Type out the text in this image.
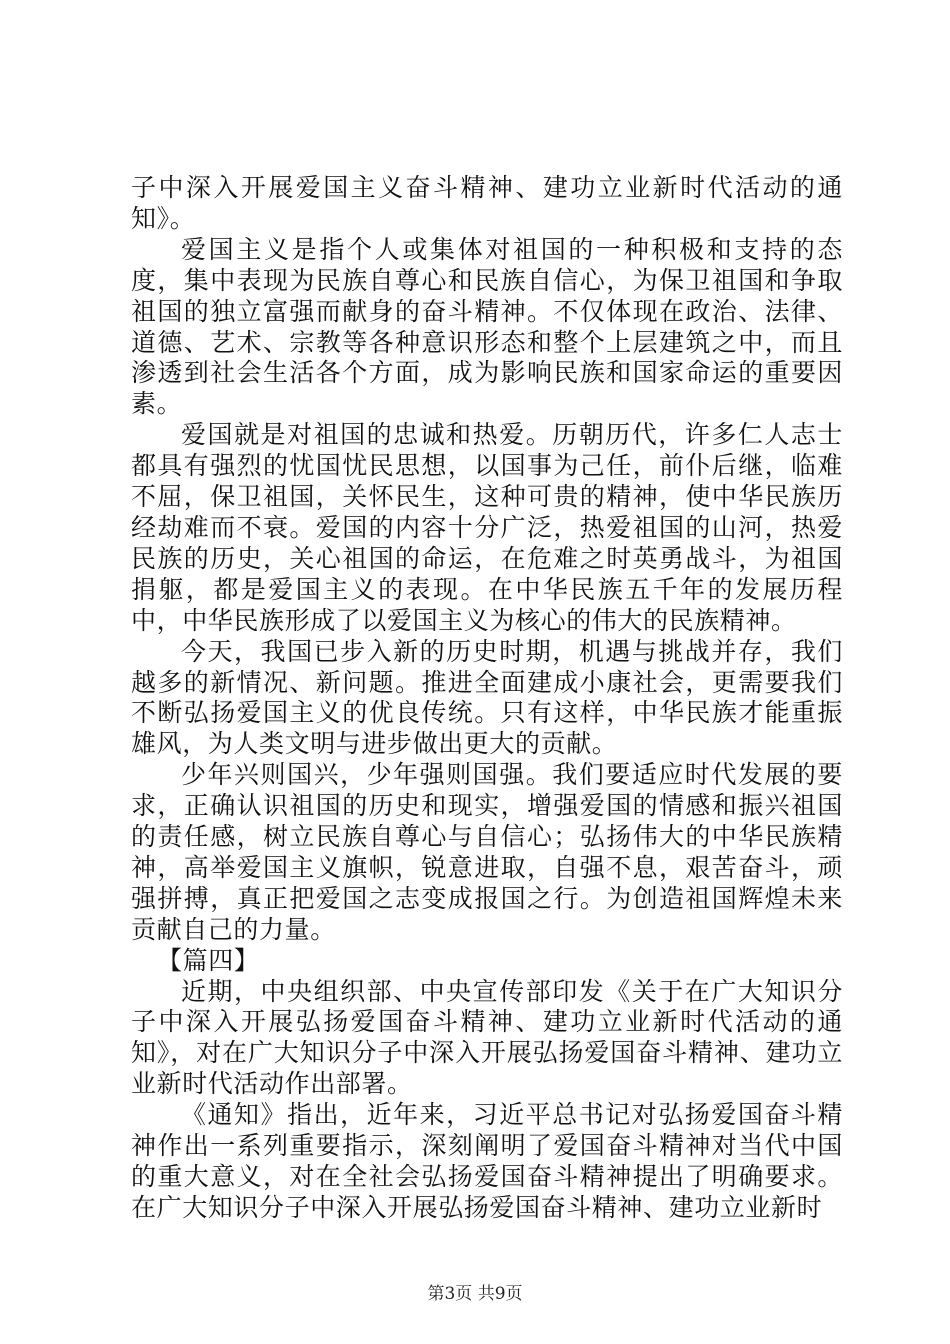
子中深入开展爱国主义奋斗精神、建功立业新时代活动的通知》。

爱国主义是指个人或集体对祖国的一种积极和支持的态度，集中表现为民族自尊心和民族自信心，为保卫祖国和争取祖国的独立富强而献身的奋斗精神。不仅体现在政治、法律、道德、艺术、宗教等各种意识形态和整个上层建筑之中，而且渗透到社会生活各个方面，成为影响民族和国家命运的重要因素。

爱国就是对祖国的忠诚和热爱。历朝历代，许多仁人志士都具有强烈的忧国忧民思想，以国事为己任，前仆后继，临难不屈，保卫祖国，关怀民生，这种可贵的精神，使中华民族历经劫难而不衰。爱国的内容十分广泛，热爱祖国的山河，热爱民族的历史，关心祖国的命运，在危难之时英勇战斗，为祖国捐躯，都是爱国主义的表现。在中华民族五千年的发展历程中，中华民族形成了以爱国主义为核心的伟大的民族精神。

今天，我国已步入新的历史时期，机遇与挑战并存，我们越多的新情况、新问题。推进全面建成小康社会，更需要我们不断弘扬爱国主义的优良传统。只有这样，中华民族才能重振雄风，为人类文明与进步做出更大的贡献。

少年兴则国兴，少年强则国强。我们要适应时代发展的要求，正确认识祖国的历史和现实，增强爱国的情感和振兴祖国的责任感，树立民族自尊心与自信心；弘扬伟大的中华民族精神，高举爱国主义旗帜，锐意进取，自强不息，艰苦奋斗，顽强拼搏，真正把爱国之志变成报国之行。为创造祖国辉煌未来贡献自己的力量。

【篇四】

近期，中央组织部、中央宣传部印发《关于在广大知识分子中深入开展弘扬爱国奋斗精神、建功立业新时代活动的通知》，对在广大知识分子中深入开展弘扬爱国奋斗精神、建功立业新时代活动作出部署。

《通知》指出，近年来，习近平总书记对弘扬爱国奋斗精神作出一系列重要指示，深刻阐明了爱国奋斗精神对当代中国的重大意义，对在全社会弘扬爱国奋斗精神提出了明确要求。在广大知识分子中深入开展弘扬爱国奋斗精神、建功立业新时

第3页 共9页
